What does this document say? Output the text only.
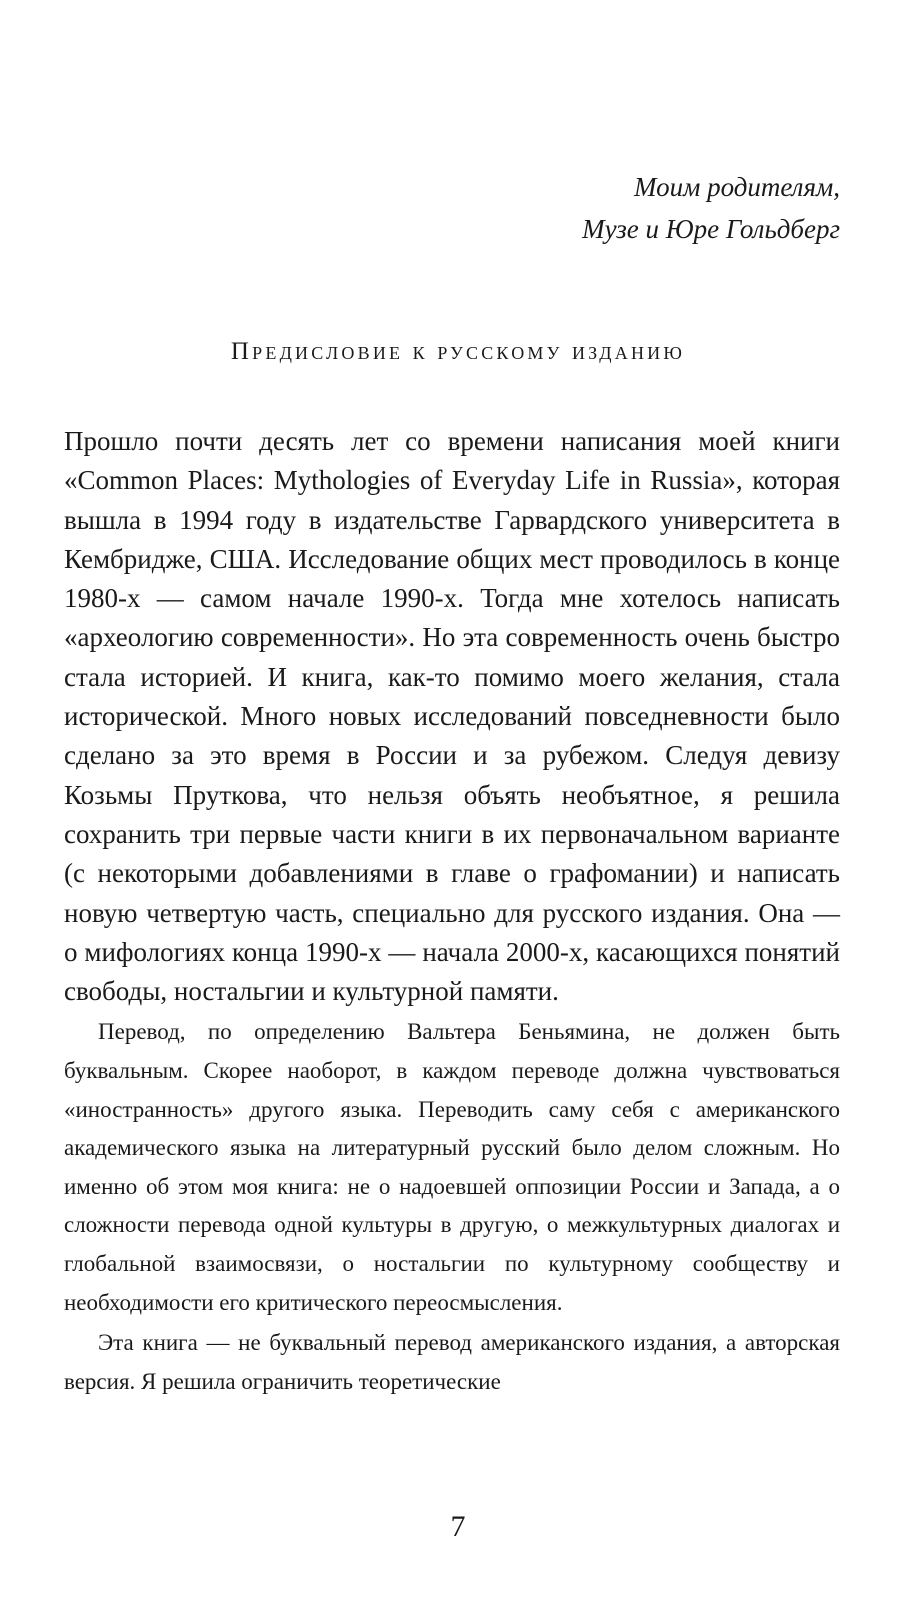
Моим родителям,
Музе и Юре Гольдберг
Предисловие к русскому изданию

Прошло почти десять лет со времени написания моей книги «Common Places: Mythologies of Everyday Life in Russia», которая вышла в 1994 году в издательстве Гарвардского университета в Кембридже, США. Исследование общих мест проводилось в конце 1980-х — самом начале 1990-х. Тогда мне хотелось написать «археологию современности». Но эта современность очень быстро стала историей. И книга, как-то помимо моего желания, стала исторической. Много новых исследований повседневности было сделано за это время в России и за рубежом. Следуя девизу Козьмы Пруткова, что нельзя объять необъятное, я решила сохранить три первые части книги в их первоначальном варианте (с некоторыми добавлениями в главе о графомании) и написать новую четвертую часть, специально для русского издания. Она — о мифологиях конца 1990-х — начала 2000-х, касающихся понятий свободы, ностальгии и культурной памяти.

Перевод, по определению Вальтера Беньямина, не должен быть буквальным. Скорее наоборот, в каждом переводе должна чувствоваться «иностранность» другого языка. Переводить саму себя с американского академического языка на литературный русский было делом сложным. Но именно об этом моя книга: не о надоевшей оппозиции России и Запада, а о сложности перевода одной культуры в другую, о межкультурных диалогах и глобальной взаимосвязи, о ностальгии по культурному сообществу и необходимости его критического переосмысления.

Эта книга — не буквальный перевод американского издания, а авторская версия. Я решила ограничить теоретические

7
